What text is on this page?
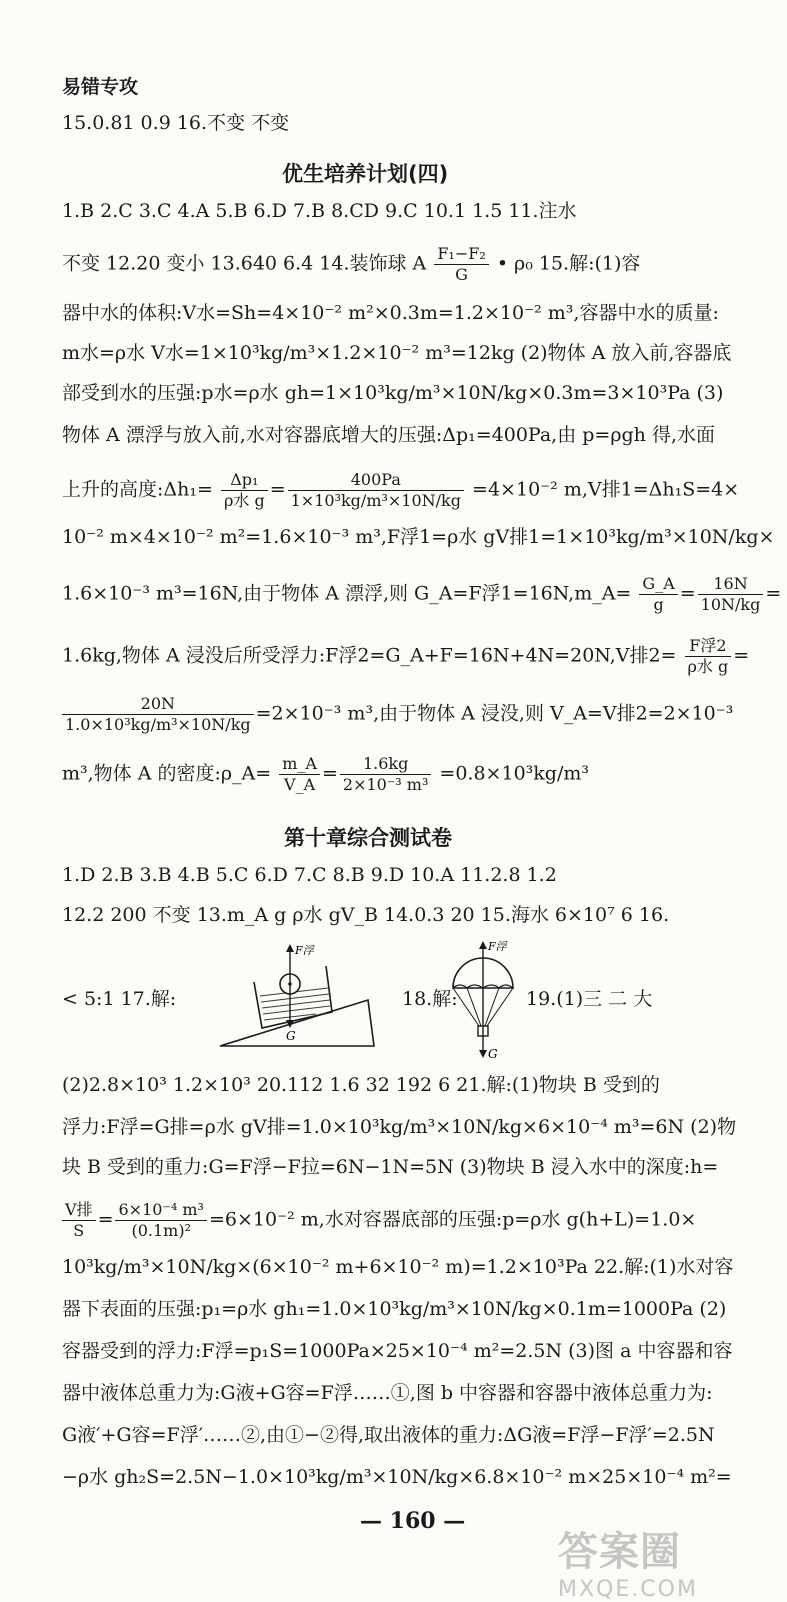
易错专攻
15.0.81 0.9 16.不变 不变
优生培养计划(四)
1.B 2.C 3.C 4.A 5.B 6.D 7.B 8.CD 9.C 10.1 1.5 11.注水
不变 12.20 变小 13.640 6.4 14.装饰球 A $\frac{\text{F₁−F₂}}{G}$ • ρ₀ 15.解:(1)容
器中水的体积:V水=Sh=4×10⁻² m²×0.3m=1.2×10⁻² m³,容器中水的质量:
m水=ρ水 V水=1×10³kg/m³×1.2×10⁻² m³=12kg (2)物体 A 放入前,容器底
部受到水的压强:p水=ρ水 gh=1×10³kg/m³×10N/kg×0.3m=3×10³Pa (3)
物体 A 漂浮与放入前,水对容器底增大的压强:Δp₁=400Pa,由 p=ρgh 得,水面
上升的高度:Δh₁= $\frac{\text{Δp₁}}{\text{ρ水 g}} = \frac{400Pa}{\text{1×10³kg/m³×10N/kg}} =4\times 10^{-2}$ m,V排1=Δh₁S=4×
10⁻² m×4×10⁻² m²=1.6×10⁻³ m³,F浮1=ρ水 gV排1=1×10³kg/m³×10N/kg×
1.6×10⁻³ m³=16N,由于物体 A 漂浮,则 G_A=F浮1=16N,m_A= $\frac{G\_A}{g} = \frac{16N}{10N/kg}$ =
1.6kg,物体 A 浸没后所受浮力:F浮2=G_A+F=16N+4N=20N,V排$2= \frac{\text{F浮2}}{\text{ρ水 g}}$ =
$\frac{20N}{\text{1.0×10³kg/m³×10N/kg}} =2\times 10^{-3}$ m³,由于物体 A 浸没,则 V_A=V排2=2×10⁻³
m³,物体 A 的密度:ρ_A= $\frac{m\_A}{V\_A} = \frac{1.6kg}{\text{2×10⁻³ m³}} =0.8\times 10^3kg/m^3$
第十章综合测试卷
1.D 2.B 3.B 4.B 5.C 6.D 7.C 8.B 9.D 10.A 11.2.8 1.2
12.2 200 不变 13.m_A g ρ水 gV_B 14.0.3 20 15.海水 6×10⁷ 6 16.
< 5:1 17.解:
F浮
G
18.解:
F浮
G
19.(1)三 二 大
(2)2.8×10³ 1.2×10³ 20.112 1.6 32 192 6 21.解:(1)物块 B 受到的
浮力:F浮=G排=ρ水 gV排=1.0×10³kg/m³×10N/kg×6×10⁻⁴ m³=6N (2)物
块 B 受到的重力:G=F浮−F拉=6N−1N=5N (3)物块 B 浸入水中的深度:h=
$\frac{\text{V排}}{S} = \frac{\text{6×10⁻⁴ m³}}{\text{(0.1m)²}} =6\times 10^{-2}$ m,水对容器底部的压强:p=ρ水 g(h+L)=1.0×
10³kg/m³×10N/kg×(6×10⁻² m+6×10⁻² m)=1.2×10³Pa 22.解:(1)水对容
器下表面的压强:p₁=ρ水 gh₁=1.0×10³kg/m³×10N/kg×0.1m=1000Pa (2)
容器受到的浮力:F浮=p₁S=1000Pa×25×10⁻⁴ m²=2.5N (3)图 a 中容器和容
器中液体总重力为:G液+G容=F浮……①,图 b 中容器和容器中液体总重力为:
G液′+G容=F浮′……②,由①−②得,取出液体的重力:ΔG液=F浮−F浮′=2.5N
−ρ水 gh₂S=2.5N−1.0×10³kg/m³×10N/kg×6.8×10⁻² m×25×10⁻⁴ m²=
— 160 —
答案圈
MXQE.COM
